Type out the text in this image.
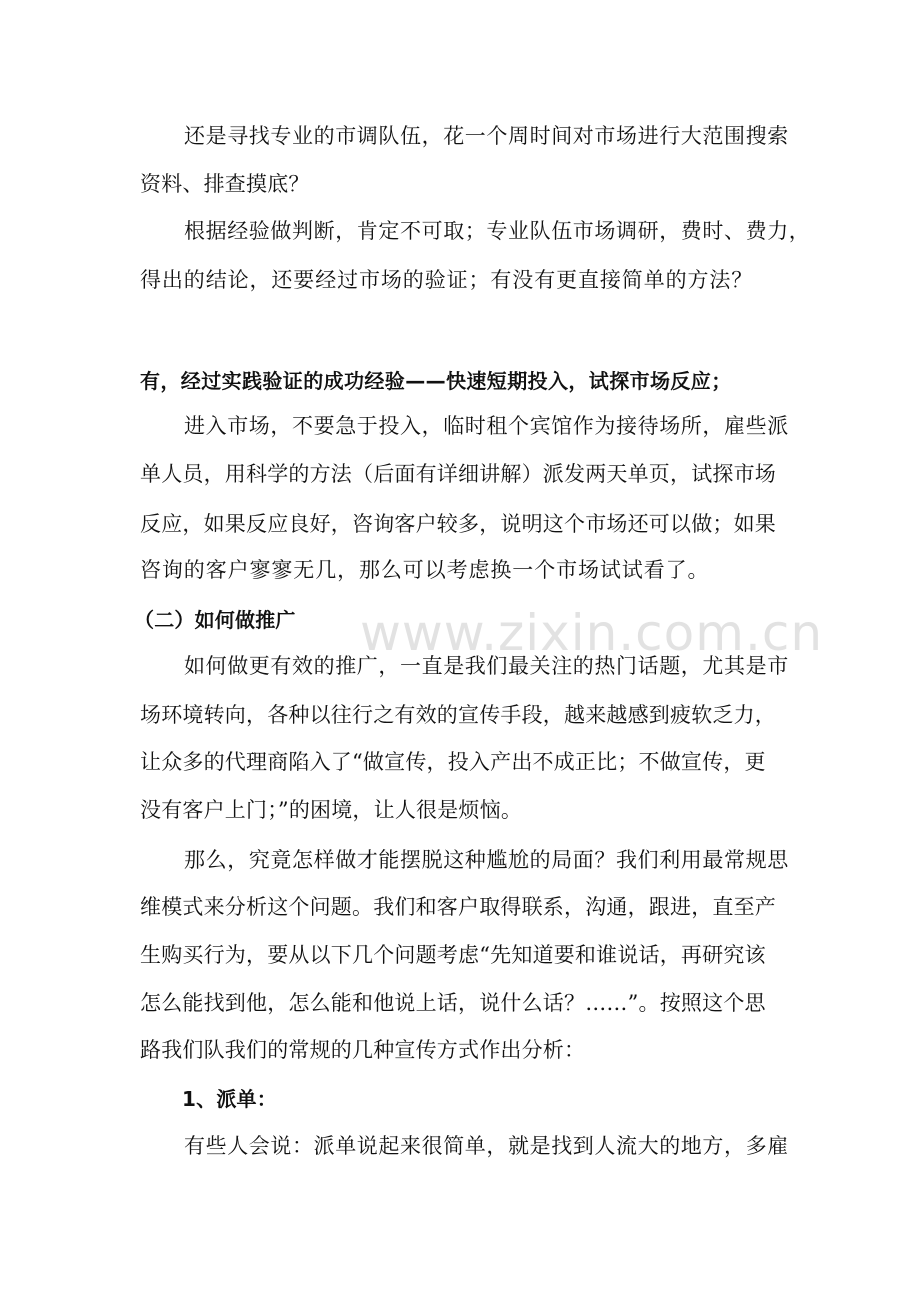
www.zixin.com.cn
还是寻找专业的市调队伍，花一个周时间对市场进行大范围搜索
资料、排查摸底？
根据经验做判断，肯定不可取；专业队伍市场调研，费时、费力，
得出的结论，还要经过市场的验证；有没有更直接简单的方法？
有，经过实践验证的成功经验——快速短期投入，试探市场反应；
进入市场，不要急于投入，临时租个宾馆作为接待场所，雇些派
单人员，用科学的方法（后面有详细讲解）派发两天单页，试探市场
反应，如果反应良好，咨询客户较多，说明这个市场还可以做；如果
咨询的客户寥寥无几，那么可以考虑换一个市场试试看了。
（二）如何做推广
如何做更有效的推广，一直是我们最关注的热门话题，尤其是市
场环境转向，各种以往行之有效的宣传手段，越来越感到疲软乏力，
让众多的代理商陷入了“做宣传，投入产出不成正比；不做宣传，更
没有客户上门；”的困境，让人很是烦恼。
那么，究竟怎样做才能摆脱这种尴尬的局面？我们利用最常规思
维模式来分析这个问题。我们和客户取得联系，沟通，跟进，直至产
生购买行为，要从以下几个问题考虑“先知道要和谁说话，再研究该
怎么能找到他，怎么能和他说上话，说什么话？……”。按照这个思
路我们队我们的常规的几种宣传方式作出分析：
1、派单：
有些人会说：派单说起来很简单，就是找到人流大的地方，多雇
